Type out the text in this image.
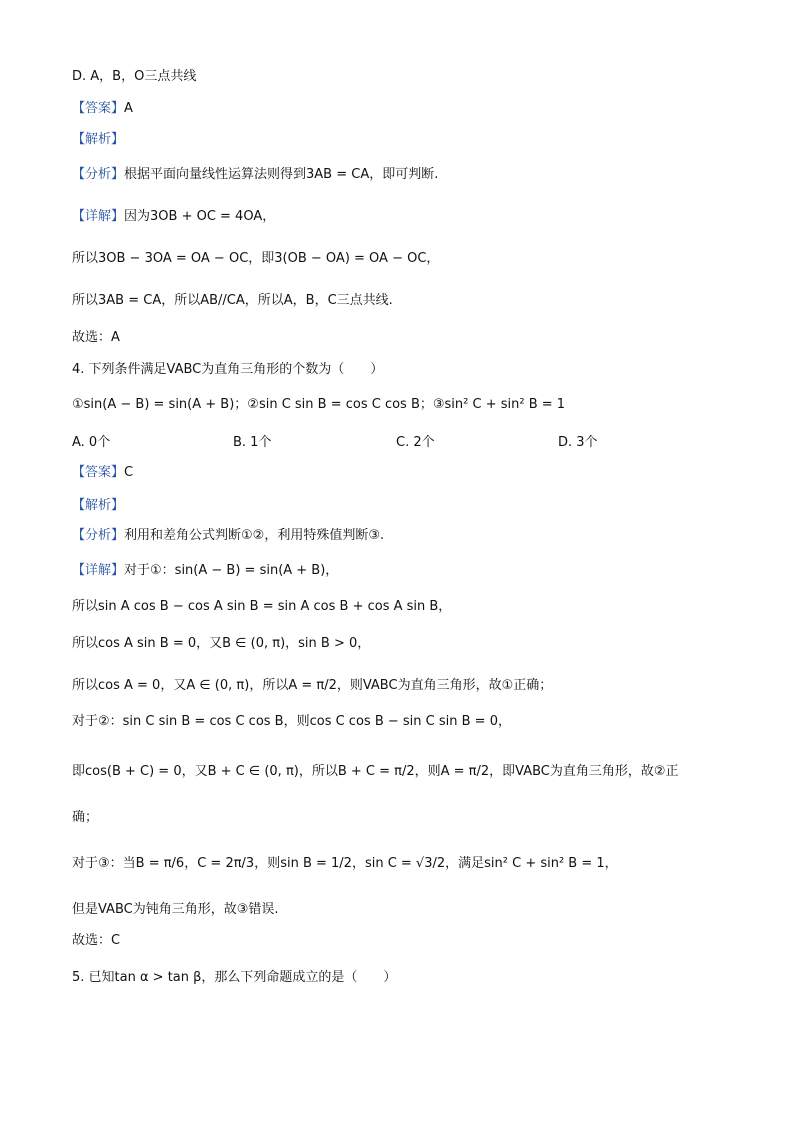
D. A，B，O三点共线
【答案】A
【解析】
【分析】根据平面向量线性运算法则得到3AB = CA，即可判断.
【详解】因为3OB + OC = 4OA，
所以3OB − 3OA = OA − OC，即3(OB − OA) = OA − OC，
所以3AB = CA，所以AB//CA，所以A，B，C三点共线.
故选：A
4. 下列条件满足VABC为直角三角形的个数为（　　）
①sin(A − B) = sin(A + B)；②sin C sin B = cos C cos B；③sin² C + sin² B = 1
【解析】
【分析】利用和差角公式判断①②，利用特殊值判断③.
【详解】对于①：sin(A − B) = sin(A + B)，
所以sin A cos B − cos A sin B = sin A cos B + cos A sin B，
所以cos A sin B = 0，又B ∈ (0, π)，sin B > 0，
所以cos A = 0，又A ∈ (0, π)，所以A = π/2，则VABC为直角三角形，故①正确；
对于②：sin C sin B = cos C cos B，则cos C cos B − sin C sin B = 0，
即cos(B + C) = 0，又B + C ∈ (0, π)，所以B + C = π/2，则A = π/2，即VABC为直角三角形，故②正
确；
对于③：当B = π/6，C = 2π/3，则sin B = 1/2，sin C = √3/2，满足sin² C + sin² B = 1，
但是VABC为钝角三角形，故③错误.
故选：C
5. 已知tan α > tan β，那么下列命题成立的是（　　）
A. 0个	B. 1个	C. 2个	D. 3个
【答案】C
